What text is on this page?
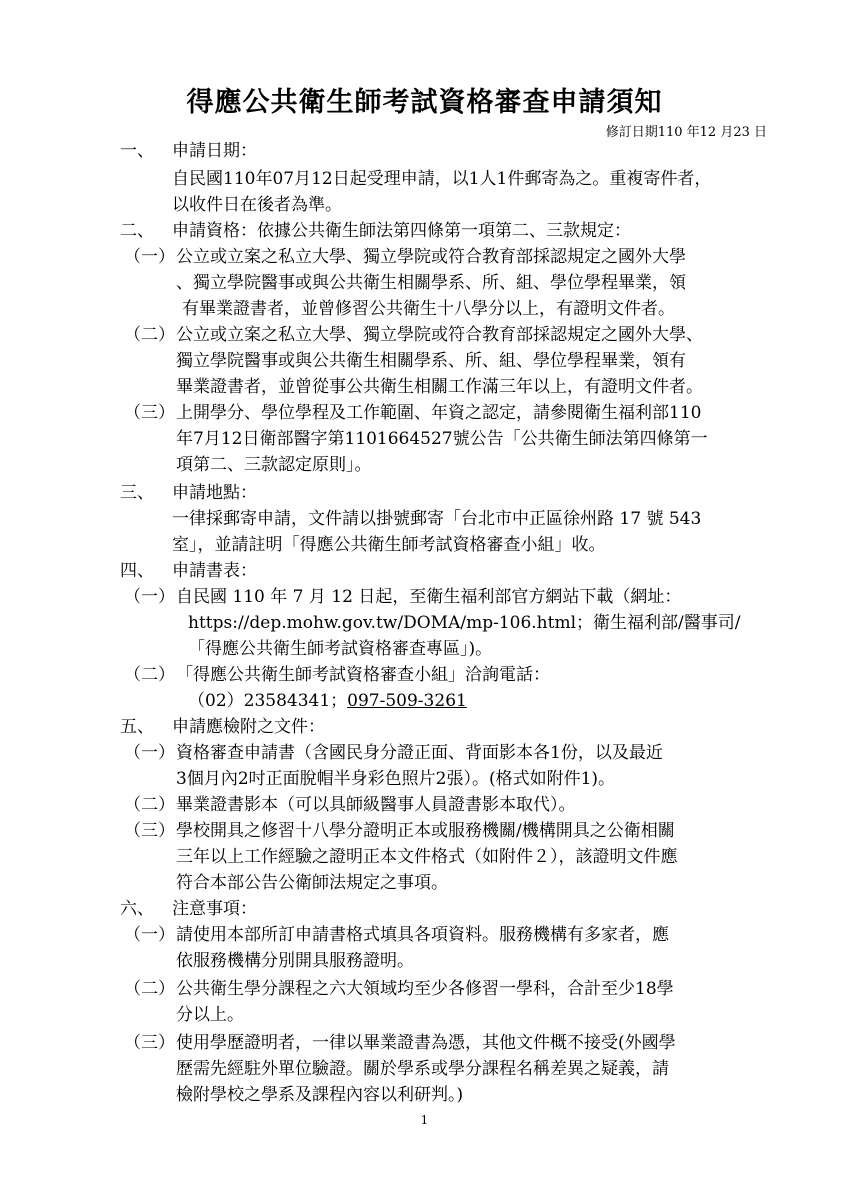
得應公共衛生師考試資格審查申請須知
修訂日期110 年12 月23 日
一、 申請日期：
自民國110年07月12日起受理申請，以1人1件郵寄為之。重複寄件者，
以收件日在後者為準。
二、 申請資格：依據公共衛生師法第四條第一項第二、三款規定：
（一） 公立或立案之私立大學、獨立學院或符合教育部採認規定之國外大學
、獨立學院醫事或與公共衛生相關學系、所、組、學位學程畢業，領
有畢業證書者，並曾修習公共衛生十八學分以上，有證明文件者。
（二） 公立或立案之私立大學、獨立學院或符合教育部採認規定之國外大學、
獨立學院醫事或與公共衛生相關學系、所、組、學位學程畢業，領有
畢業證書者，並曾從事公共衛生相關工作滿三年以上，有證明文件者。
（三） 上開學分、學位學程及工作範圍、年資之認定，請參閱衛生福利部110
年7月12日衛部醫字第1101664527號公告「公共衛生師法第四條第一
項第二、三款認定原則」。
三、 申請地點：
一律採郵寄申請，文件請以掛號郵寄「台北市中正區徐州路 17 號 543
室」，並請註明「得應公共衛生師考試資格審查小組」收。
四、 申請書表：
（一） 自民國 110 年 7 月 12 日起，至衛生福利部官方網站下載（網址：
https://dep.mohw.gov.tw/DOMA/mp-106.html；衛生福利部/醫事司/
「得應公共衛生師考試資格審查專區」)。
（二） 「得應公共衛生師考試資格審查小組」洽詢電話：
（02）23584341；097-509-3261
五、 申請應檢附之文件：
（一） 資格審查申請書（含國民身分證正面、背面影本各1份，以及最近
3個月內2吋正面脫帽半身彩色照片2張）。(格式如附件1)。
（二） 畢業證書影本（可以具師級醫事人員證書影本取代）。
（三） 學校開具之修習十八學分證明正本或服務機關/機構開具之公衛相關
三年以上工作經驗之證明正本文件格式（如附件２），該證明文件應
符合本部公告公衛師法規定之事項。
六、 注意事項：
（一） 請使用本部所訂申請書格式填具各項資料。服務機構有多家者，應
依服務機構分別開具服務證明。
（二） 公共衛生學分課程之六大領域均至少各修習一學科，合計至少18學
分以上。
（三） 使用學歷證明者，一律以畢業證書為憑，其他文件概不接受(外國學
歷需先經駐外單位驗證。關於學系或學分課程名稱差異之疑義，請
檢附學校之學系及課程內容以利研判。)
1
